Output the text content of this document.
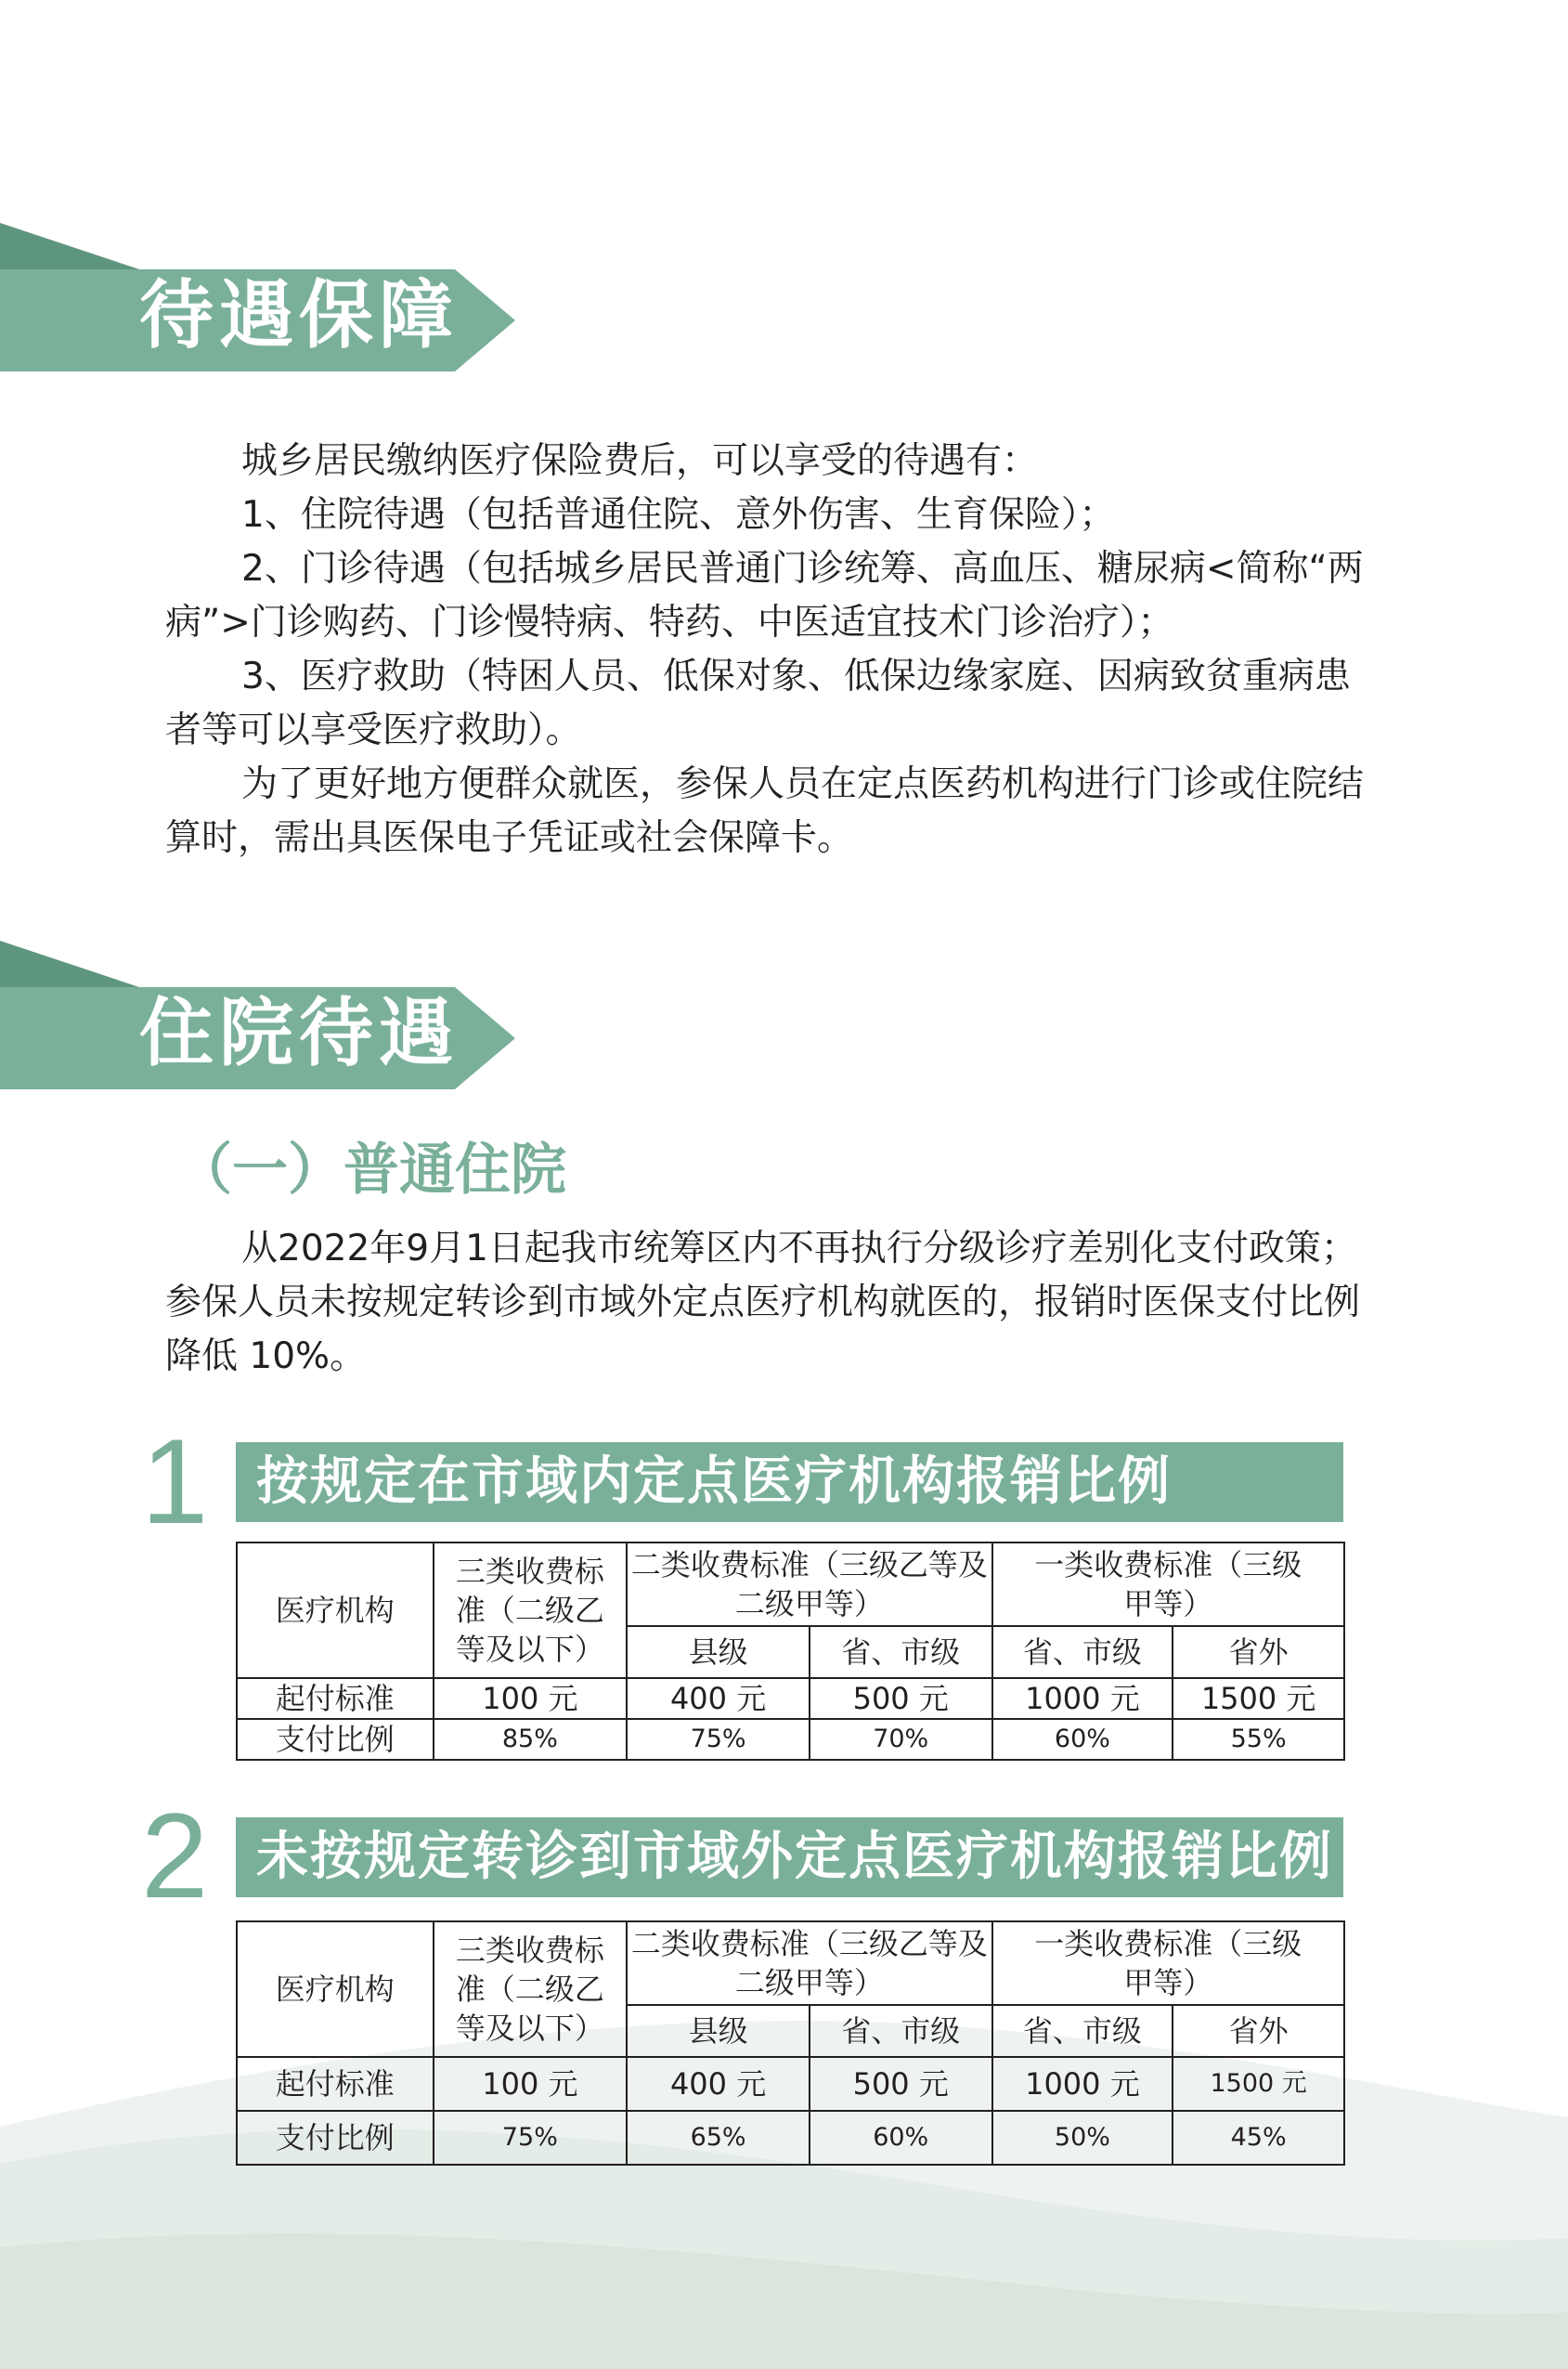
待遇保障

城乡居民缴纳医疗保险费后，可以享受的待遇有：

1、住院待遇（包括普通住院、意外伤害、生育保险）；

2、门诊待遇（包括城乡居民普通门诊统筹、高血压、糖尿病<简称“两病”>门诊购药、门诊慢特病、特药、中医适宜技术门诊治疗）；

3、医疗救助（特困人员、低保对象、低保边缘家庭、因病致贫重病患者等可以享受医疗救助）。

为了更好地方便群众就医，参保人员在定点医药机构进行门诊或住院结算时，需出具医保电子凭证或社会保障卡。

住院待遇
（一）普通住院

从2022年9月1日起我市统筹区内不再执行分级诊疗差别化支付政策；参保人员未按规定转诊到市域外定点医疗机构就医的，报销时医保支付比例降低 10%。

1 按规定在市域内定点医疗机构报销比例
医疗机构	三类收费标准（二级乙等及以下）	二类收费标准（三级乙等及二级甲等）		一类收费标准（三级甲等）	
		县级	省、市级	省、市级	省外
起付标准	100 元	400 元	500 元	1000 元	1500 元
支付比例	85%	75%	70%	60%	55%
2 未按规定转诊到市域外定点医疗机构报销比例
医疗机构	三类收费标准（二级乙等及以下）	二类收费标准（三级乙等及二级甲等）		一类收费标准（三级甲等）	
		县级	省、市级	省、市级	省外
起付标准	100 元	400 元	500 元	1000 元	1500 元
支付比例	75%	65%	60%	50%	45%
